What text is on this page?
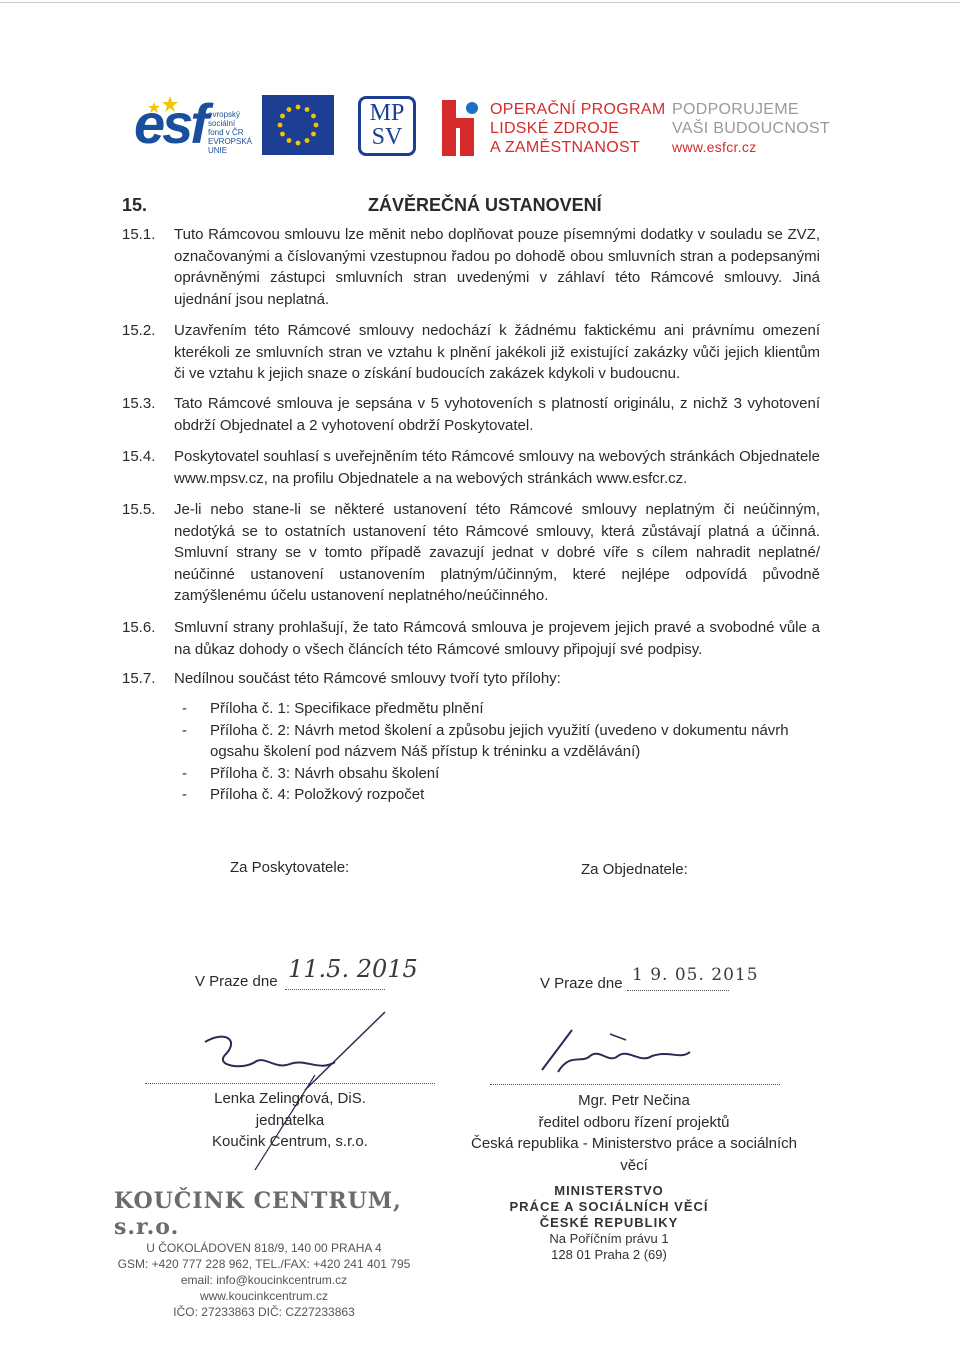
esf evropský
sociální
fond v ČR
EVROPSKÁ UNIE
MP
SV
OPERAČNÍ PROGRAM
LIDSKÉ ZDROJE
A ZAMĚSTNANOST
PODPORUJEME
VAŠI BUDOUCNOST
www.esfcr.cz
15.	ZÁVĚREČNÁ USTANOVENÍ
15.1.	Tuto Rámcovou smlouvu lze měnit nebo doplňovat pouze písemnými dodatky v souladu se ZVZ, označovanými a číslovanými vzestupnou řadou po dohodě obou smluvních stran a podepsanými oprávněnými zástupci smluvních stran uvedenými v záhlaví této Rámcové smlouvy. Jiná ujednání jsou neplatná.
15.2.	Uzavřením této Rámcové smlouvy nedochází k žádnému faktickému ani právnímu omezení kterékoli ze smluvních stran ve vztahu k plnění jakékoli již existující zakázky vůči jejich klientům či ve vztahu k jejich snaze o získání budoucích zakázek kdykoli v budoucnu.
15.3.	Tato Rámcové smlouva je sepsána v 5 vyhotoveních s platností originálu, z nichž 3 vyhotovení obdrží Objednatel a 2 vyhotovení obdrží Poskytovatel.
15.4.	Poskytovatel souhlasí s uveřejněním této Rámcové smlouvy na webových stránkách Objednatele www.mpsv.cz, na profilu Objednatele a na webových stránkách www.esfcr.cz.
15.5.	Je-li nebo stane-li se některé ustanovení této Rámcové smlouvy neplatným či neúčinným, nedotýká se to ostatních ustanovení této Rámcové smlouvy, která zůstávají platná a účinná. Smluvní strany se v tomto případě zavazují jednat v dobré víře s cílem nahradit neplatné/ neúčinné ustanovení ustanovením platným/účinným, které nejlépe odpovídá původně zamýšlenému účelu ustanovení neplatného/neúčinného.
15.6.	Smluvní strany prohlašují, že tato Rámcová smlouva je projevem jejich pravé a svobodné vůle a na důkaz dohody o všech článcích této Rámcové smlouvy připojují své podpisy.
15.7.	Nedílnou součást této Rámcové smlouvy tvoří tyto přílohy:
- Příloha č. 1: Specifikace předmětu plnění
- Příloha č. 2: Návrh metod školení a způsobu jejich využití (uvedeno v dokumentu návrh ogsahu školení pod názvem Náš přístup k tréninku a vzdělávání)
- Příloha č. 3: Návrh obsahu školení
- Příloha č. 4: Položkový rozpočet
Za Poskytovatele:	Za Objednatele:
V Praze dne 11.5. 2015
V Praze dne 1 9. 05. 2015
Lenka Zelingrová, DiS.
jednatelka
Koučink Centrum, s.r.o.
Mgr. Petr Nečina
ředitel odboru řízení projektů
Česká republika - Ministerstvo práce a sociálních věcí
KOUČINK CENTRUM, s.r.o.
U ČOKOLÁDOVEN 818/9, 140 00 PRAHA 4
GSM: +420 777 228 962, TEL./FAX: +420 241 401 795
email: info@koucinkcentrum.cz
www.koucinkcentrum.cz
IČO: 27233863 DIČ: CZ27233863
MINISTERSTVO
PRÁCE A SOCIÁLNÍCH VĚCÍ
ČESKÉ REPUBLIKY
Na Poříčním právu 1
128 01 Praha 2 (69)
